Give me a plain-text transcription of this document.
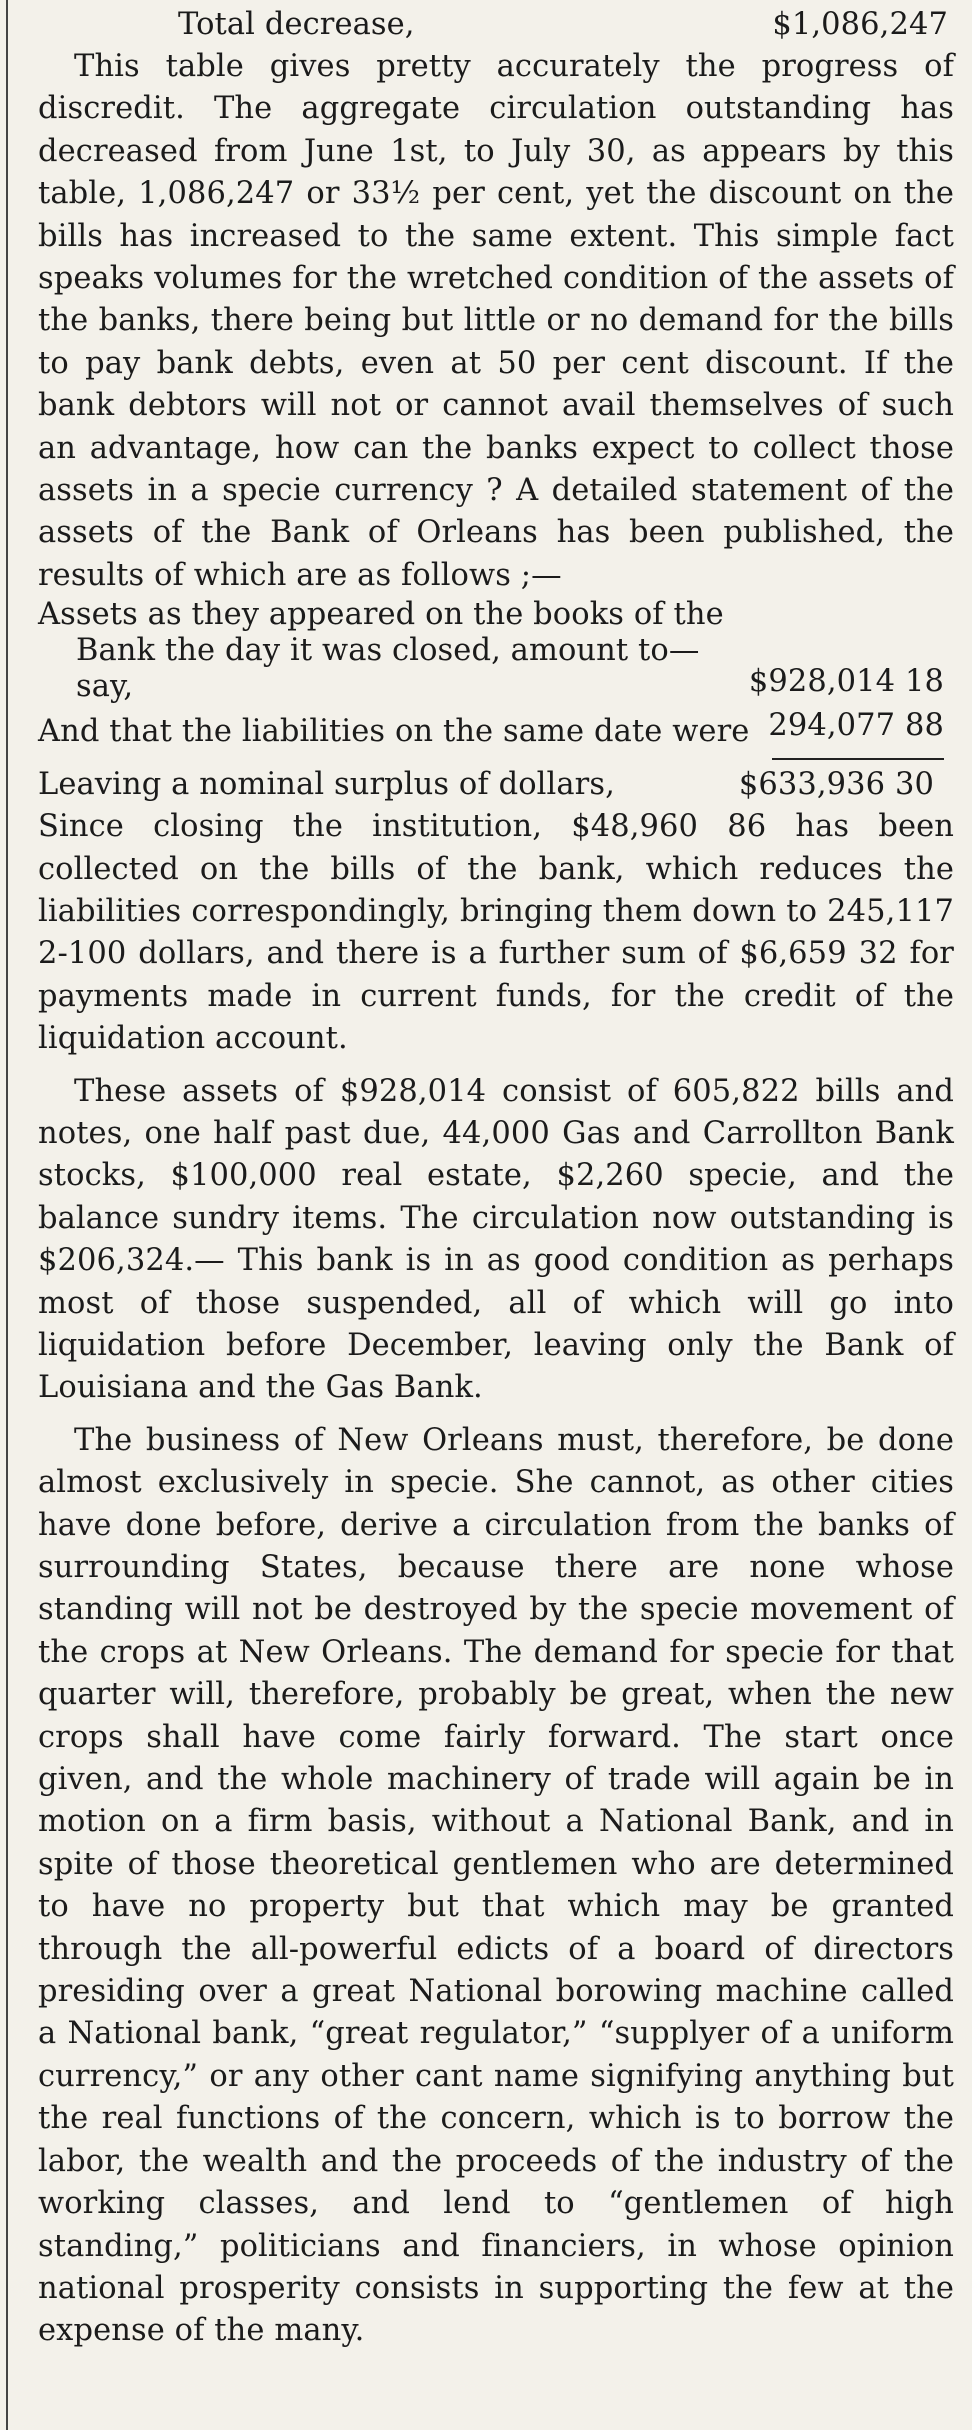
Total decrease,	$1,086,247

This table gives pretty accurately the progress of discredit. The aggregate circulation outstanding has decreased from June 1st, to July 30, as appears by this table, 1,086,247 or 33½ per cent, yet the discount on the bills has increased to the same extent. This simple fact speaks volumes for the wretched condition of the assets of the banks, there being but little or no demand for the bills to pay bank debts, even at 50 per cent discount. If the bank debtors will not or cannot avail themselves of such an advantage, how can the banks expect to collect those assets in a specie currency ? A detailed statement of the assets of the Bank of Orleans has been published, the results of which are as follows ;—

Assets as they appeared on the books of the Bank the day it was closed, amount to—say,	$928,014 18
And that the liabilities on the same date were 294,077 88
Leaving a nominal surplus of dollars,	$633,936 30

Since closing the institution, $48,960 86 has been collected on the bills of the bank, which reduces the liabilities correspondingly, bringing them down to 245,117 2-100 dollars, and there is a further sum of $6,659 32 for payments made in current funds, for the credit of the liquidation account.

These assets of $928,014 consist of 605,822 bills and notes, one half past due, 44,000 Gas and Carrollton Bank stocks, $100,000 real estate, $2,260 specie, and the balance sundry items. The circulation now outstanding is $206,324.— This bank is in as good condition as perhaps most of those suspended, all of which will go into liquidation before December, leaving only the Bank of Louisiana and the Gas Bank.

The business of New Orleans must, therefore, be done almost exclusively in specie. She cannot, as other cities have done before, derive a circulation from the banks of surrounding States, because there are none whose standing will not be destroyed by the specie movement of the crops at New Orleans. The demand for specie for that quarter will, therefore, probably be great, when the new crops shall have come fairly forward. The start once given, and the whole machinery of trade will again be in motion on a firm basis, without a National Bank, and in spite of those theoretical gentlemen who are determined to have no property but that which may be granted through the all-powerful edicts of a board of directors presiding over a great National borowing machine called a National bank, “great regulator,” “supplyer of a uniform currency,” or any other cant name signifying anything but the real functions of the concern, which is to borrow the labor, the wealth and the proceeds of the industry of the working classes, and lend to “gentlemen of high standing,” politicians and financiers, in whose opinion national prosperity consists in supporting the few at the expense of the many.
